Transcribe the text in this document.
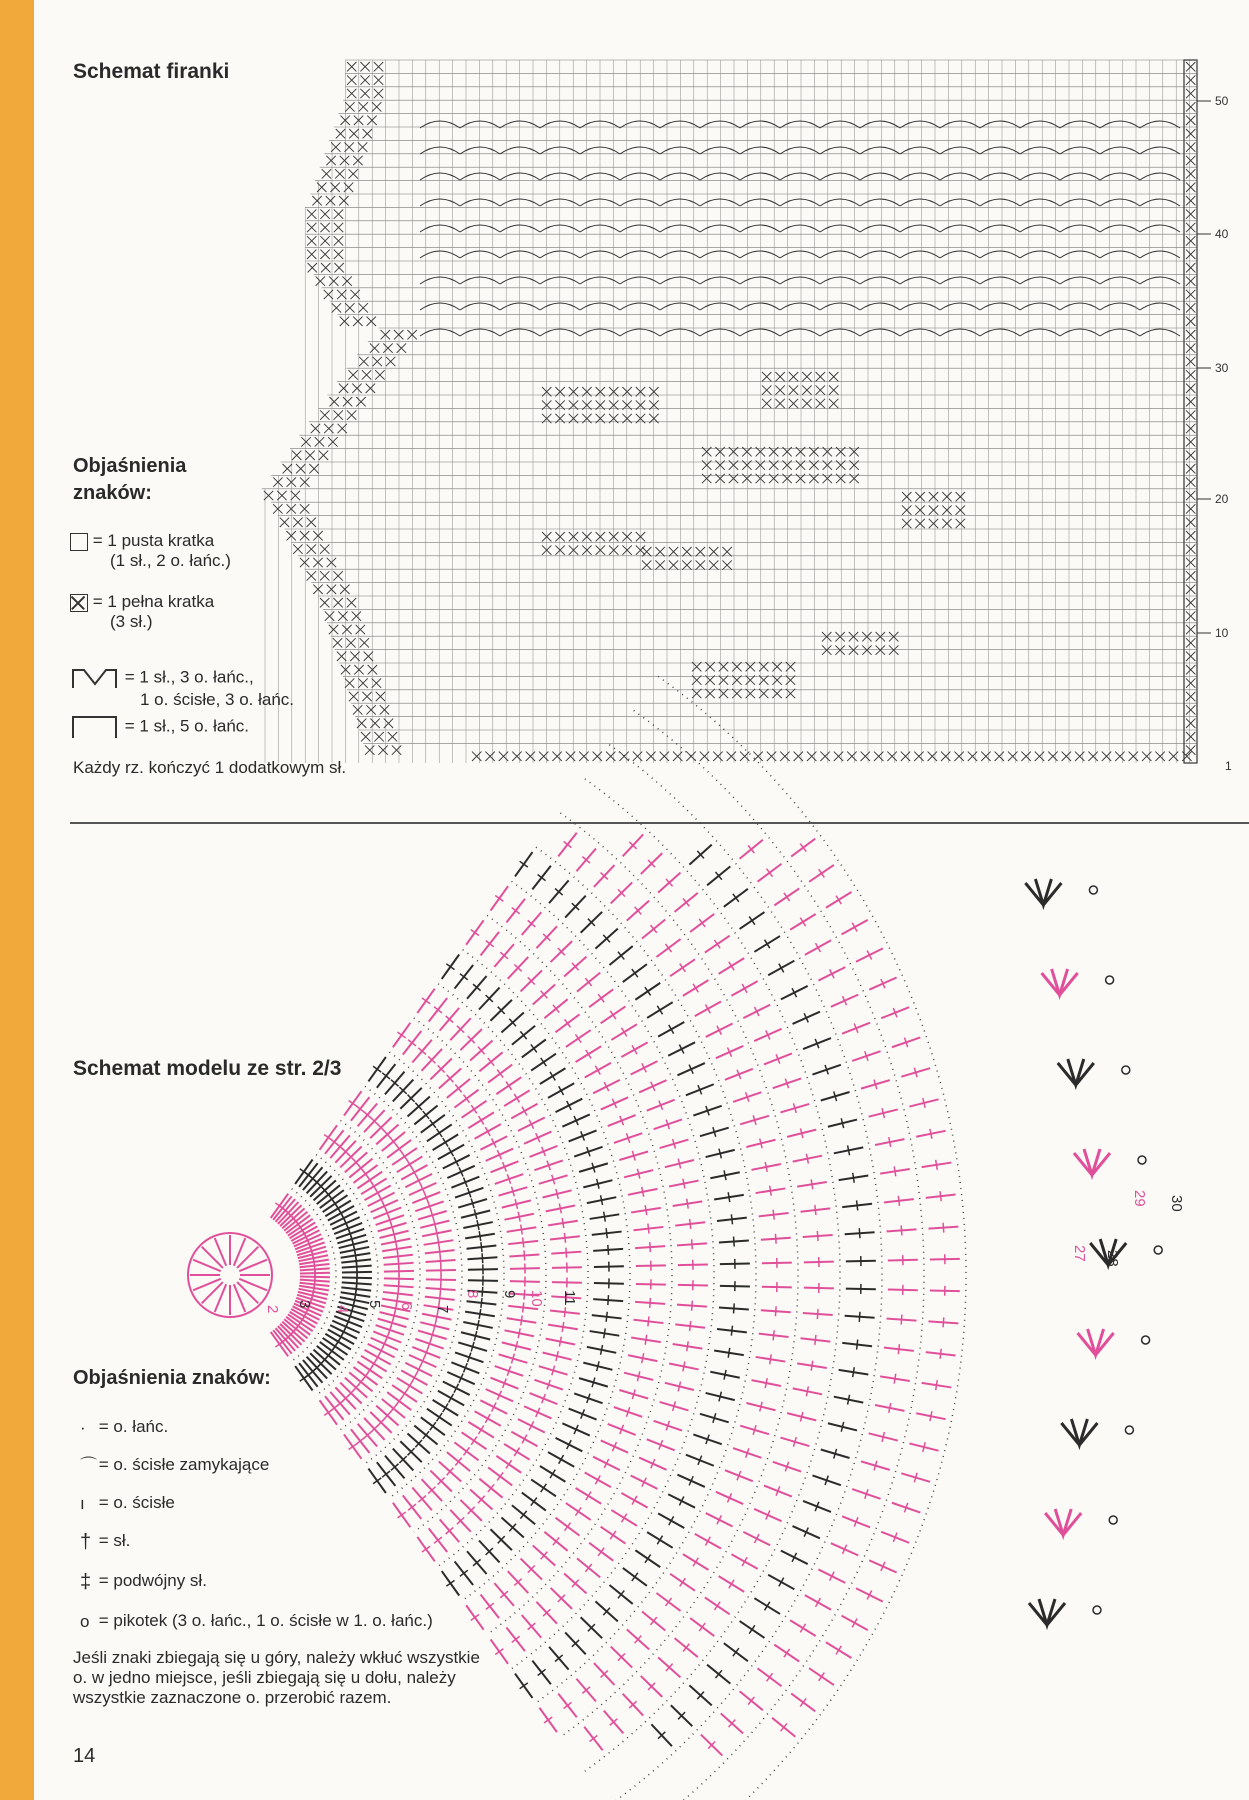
Schemat firanki
Objaśnienia znaków:
= 1 pusta kratka
(1 sł., 2 o. łańc.)
= 1 pełna kratka
(3 sł.)
= 1 sł., 3 o. łańc.,
1 o. ścisłe, 3 o. łańc.
= 1 sł., 5 o. łańc.
Każdy rz. kończyć 1 dodatkowym sł.
50
40
30
20
10
1
Schemat modelu ze str. 2/3
2
3
4
5 6 7
8 9 10 11
27 28
29 30
Objaśnienia znaków:
· = o. łańc.
⌒ = o. ścisłe zamykające
ı = o. ścisłe
† = sł.
‡ = podwójny sł.
o = pikotek (3 o. łańc., 1 o. ścisłe w 1. o. łańc.)
Jeśli znaki zbiegają się u góry, należy wkłuć wszystkie o. w jedno miejsce, jeśli zbiegają się u dołu, należy wszystkie zaznaczone o. przerobić razem.
14
